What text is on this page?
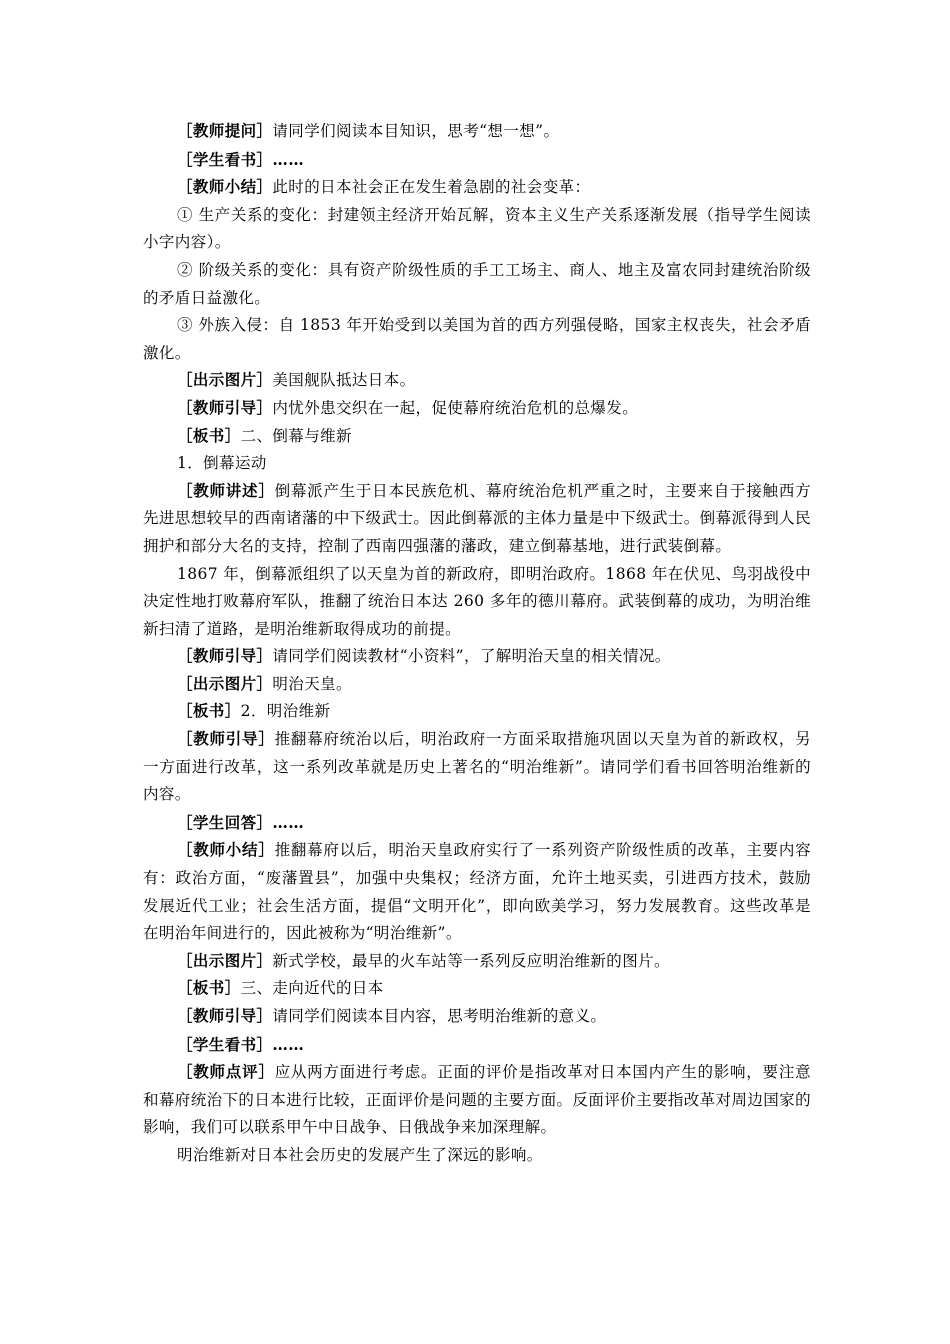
［教师提问］请同学们阅读本目知识，思考“想一想”。

［学生看书］……

［教师小结］此时的日本社会正在发生着急剧的社会变革：

① 生产关系的变化：封建领主经济开始瓦解，资本主义生产关系逐渐发展（指导学生阅读小字内容）。

② 阶级关系的变化：具有资产阶级性质的手工工场主、商人、地主及富农同封建统治阶级的矛盾日益激化。

③ 外族入侵：自 1853 年开始受到以美国为首的西方列强侵略，国家主权丧失，社会矛盾激化。

［出示图片］美国舰队抵达日本。

［教师引导］内忧外患交织在一起，促使幕府统治危机的总爆发。

［板书］二、倒幕与维新

1．倒幕运动

［教师讲述］倒幕派产生于日本民族危机、幕府统治危机严重之时，主要来自于接触西方先进思想较早的西南诸藩的中下级武士。因此倒幕派的主体力量是中下级武士。倒幕派得到人民拥护和部分大名的支持，控制了西南四强藩的藩政，建立倒幕基地，进行武装倒幕。

1867 年，倒幕派组织了以天皇为首的新政府，即明治政府。1868 年在伏见、鸟羽战役中决定性地打败幕府军队，推翻了统治日本达 260 多年的德川幕府。武装倒幕的成功，为明治维新扫清了道路，是明治维新取得成功的前提。

［教师引导］请同学们阅读教材“小资料”，了解明治天皇的相关情况。

［出示图片］明治天皇。

［板书］2．明治维新

［教师引导］推翻幕府统治以后，明治政府一方面采取措施巩固以天皇为首的新政权，另一方面进行改革，这一系列改革就是历史上著名的“明治维新”。请同学们看书回答明治维新的内容。

［学生回答］……

［教师小结］推翻幕府以后，明治天皇政府实行了一系列资产阶级性质的改革，主要内容有：政治方面，“废藩置县”，加强中央集权；经济方面，允许土地买卖，引进西方技术，鼓励发展近代工业；社会生活方面，提倡“文明开化”，即向欧美学习，努力发展教育。这些改革是在明治年间进行的，因此被称为“明治维新”。

［出示图片］新式学校，最早的火车站等一系列反应明治维新的图片。

［板书］三、走向近代的日本

［教师引导］请同学们阅读本目内容，思考明治维新的意义。

［学生看书］……

［教师点评］应从两方面进行考虑。正面的评价是指改革对日本国内产生的影响，要注意和幕府统治下的日本进行比较，正面评价是问题的主要方面。反面评价主要指改革对周边国家的影响，我们可以联系甲午中日战争、日俄战争来加深理解。

明治维新对日本社会历史的发展产生了深远的影响。
